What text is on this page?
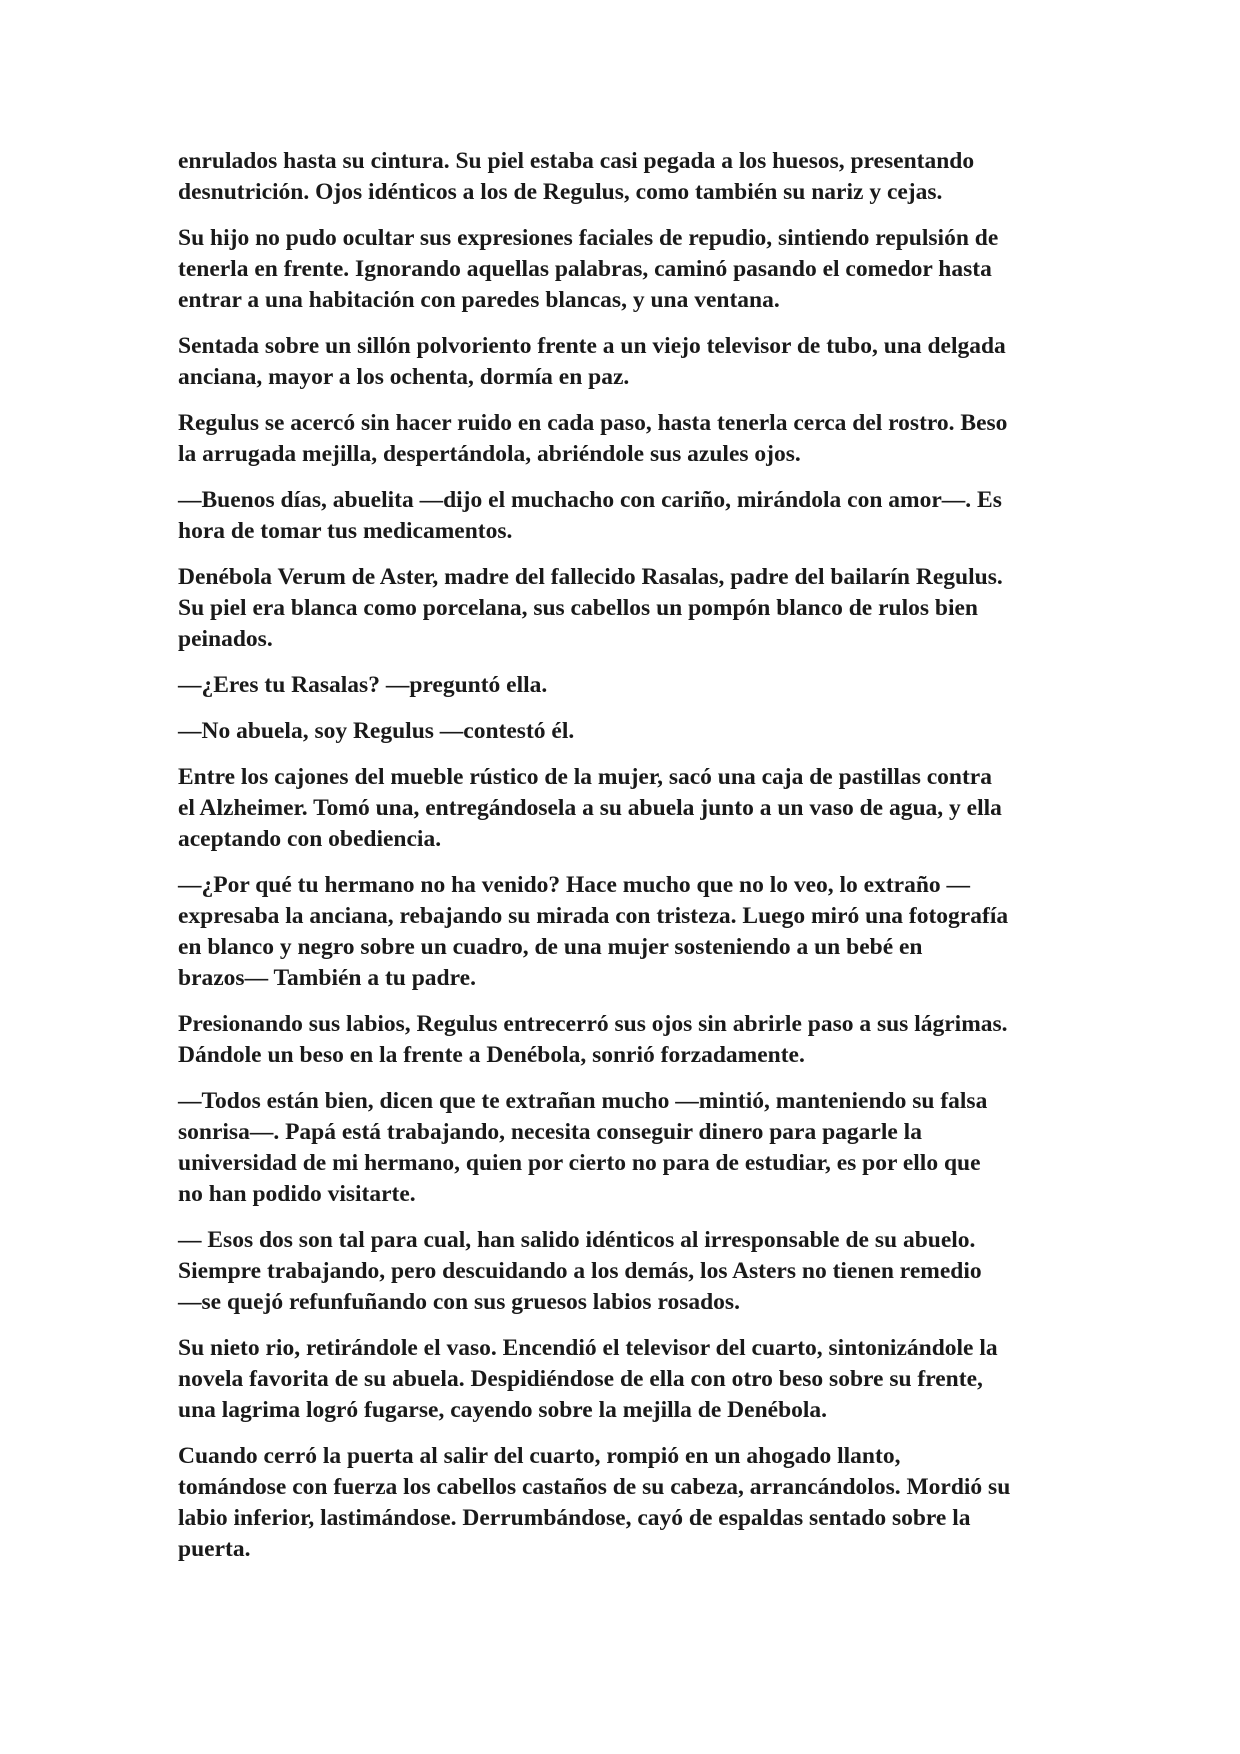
enrulados hasta su cintura. Su piel estaba casi pegada a los huesos, presentando
desnutrición. Ojos idénticos a los de Regulus, como también su nariz y cejas.

Su hijo no pudo ocultar sus expresiones faciales de repudio, sintiendo repulsión de
tenerla en frente. Ignorando aquellas palabras, caminó pasando el comedor hasta
entrar a una habitación con paredes blancas, y una ventana.

Sentada sobre un sillón polvoriento frente a un viejo televisor de tubo, una delgada
anciana, mayor a los ochenta, dormía en paz.

Regulus se acercó sin hacer ruido en cada paso, hasta tenerla cerca del rostro. Beso
la arrugada mejilla, despertándola, abriéndole sus azules ojos.

—Buenos días, abuelita —dijo el muchacho con cariño, mirándola con amor—. Es
hora de tomar tus medicamentos.

Denébola Verum de Aster, madre del fallecido Rasalas, padre del bailarín Regulus.
Su piel era blanca como porcelana, sus cabellos un pompón blanco de rulos bien
peinados.

—¿Eres tu Rasalas? —preguntó ella.

—No abuela, soy Regulus —contestó él.

Entre los cajones del mueble rústico de la mujer, sacó una caja de pastillas contra
el Alzheimer. Tomó una, entregándosela a su abuela junto a un vaso de agua, y ella
aceptando con obediencia.

—¿Por qué tu hermano no ha venido? Hace mucho que no lo veo, lo extraño —
expresaba la anciana, rebajando su mirada con tristeza. Luego miró una fotografía
en blanco y negro sobre un cuadro, de una mujer sosteniendo a un bebé en
brazos— También a tu padre.

Presionando sus labios, Regulus entrecerró sus ojos sin abrirle paso a sus lágrimas.
Dándole un beso en la frente a Denébola, sonrió forzadamente.

—Todos están bien, dicen que te extrañan mucho —mintió, manteniendo su falsa
sonrisa—. Papá está trabajando, necesita conseguir dinero para pagarle la
universidad de mi hermano, quien por cierto no para de estudiar, es por ello que
no han podido visitarte.

— Esos dos son tal para cual, han salido idénticos al irresponsable de su abuelo.
Siempre trabajando, pero descuidando a los demás, los Asters no tienen remedio
—se quejó refunfuñando con sus gruesos labios rosados.

Su nieto rio, retirándole el vaso. Encendió el televisor del cuarto, sintonizándole la
novela favorita de su abuela. Despidiéndose de ella con otro beso sobre su frente,
una lagrima logró fugarse, cayendo sobre la mejilla de Denébola.

Cuando cerró la puerta al salir del cuarto, rompió en un ahogado llanto,
tomándose con fuerza los cabellos castaños de su cabeza, arrancándolos. Mordió su
labio inferior, lastimándose. Derrumbándose, cayó de espaldas sentado sobre la
puerta.
